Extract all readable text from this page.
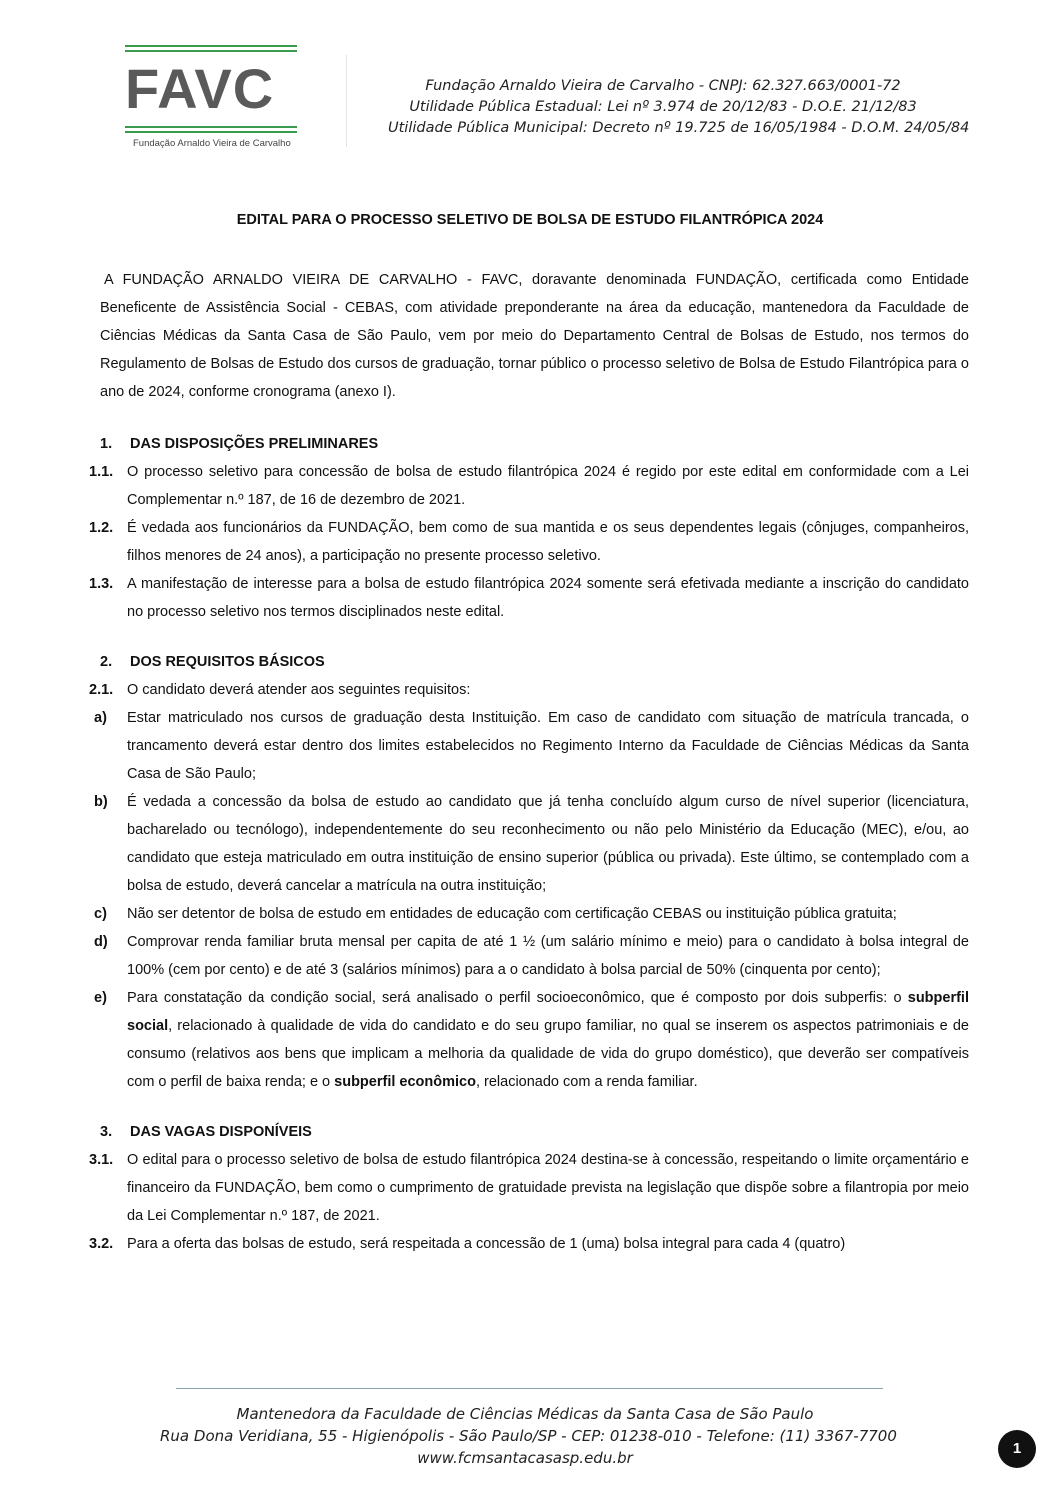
FAVC
Fundação Arnaldo Vieira de Carvalho
Fundação Arnaldo Vieira de Carvalho - CNPJ: 62.327.663/0001-72
Utilidade Pública Estadual: Lei nº 3.974 de 20/12/83 - D.O.E. 21/12/83
Utilidade Pública Municipal: Decreto nº 19.725 de 16/05/1984 - D.O.M. 24/05/84
EDITAL PARA O PROCESSO SELETIVO DE BOLSA DE ESTUDO FILANTRÓPICA 2024

A FUNDAÇÃO ARNALDO VIEIRA DE CARVALHO - FAVC, doravante denominada FUNDAÇÃO, certificada como Entidade Beneficente de Assistência Social - CEBAS, com atividade preponderante na área da educação, mantenedora da Faculdade de Ciências Médicas da Santa Casa de São Paulo, vem por meio do Departamento Central de Bolsas de Estudo, nos termos do Regulamento de Bolsas de Estudo dos cursos de graduação, tornar público o processo seletivo de Bolsa de Estudo Filantrópica para o ano de 2024, conforme cronograma (anexo I).

1.	DAS DISPOSIÇÕES PRELIMINARES

1.1. O processo seletivo para concessão de bolsa de estudo filantrópica 2024 é regido por este edital em conformidade com a Lei Complementar n.º 187, de 16 de dezembro de 2021.

1.2. É vedada aos funcionários da FUNDAÇÃO, bem como de sua mantida e os seus dependentes legais (cônjuges, companheiros, filhos menores de 24 anos), a participação no presente processo seletivo.

1.3. A manifestação de interesse para a bolsa de estudo filantrópica 2024 somente será efetivada mediante a inscrição do candidato no processo seletivo nos termos disciplinados neste edital.

2.	DOS REQUISITOS BÁSICOS

2.1. O candidato deverá atender aos seguintes requisitos:

a) Estar matriculado nos cursos de graduação desta Instituição. Em caso de candidato com situação de matrícula trancada, o trancamento deverá estar dentro dos limites estabelecidos no Regimento Interno da Faculdade de Ciências Médicas da Santa Casa de São Paulo;

b) É vedada a concessão da bolsa de estudo ao candidato que já tenha concluído algum curso de nível superior (licenciatura, bacharelado ou tecnólogo), independentemente do seu reconhecimento ou não pelo Ministério da Educação (MEC), e/ou, ao candidato que esteja matriculado em outra instituição de ensino superior (pública ou privada). Este último, se contemplado com a bolsa de estudo, deverá cancelar a matrícula na outra instituição;

c) Não ser detentor de bolsa de estudo em entidades de educação com certificação CEBAS ou instituição pública gratuita;

d) Comprovar renda familiar bruta mensal per capita de até 1 ½ (um salário mínimo e meio) para o candidato à bolsa integral de 100% (cem por cento) e de até 3 (salários mínimos) para a o candidato à bolsa parcial de 50% (cinquenta por cento);

e) Para constatação da condição social, será analisado o perfil socioeconômico, que é composto por dois subperfis: o subperfil social, relacionado à qualidade de vida do candidato e do seu grupo familiar, no qual se inserem os aspectos patrimoniais e de consumo (relativos aos bens que implicam a melhoria da qualidade de vida do grupo doméstico), que deverão ser compatíveis com o perfil de baixa renda; e o subperfil econômico, relacionado com a renda familiar.

3.	DAS VAGAS DISPONÍVEIS

3.1. O edital para o processo seletivo de bolsa de estudo filantrópica 2024 destina-se à concessão, respeitando o limite orçamentário e financeiro da FUNDAÇÃO, bem como o cumprimento de gratuidade prevista na legislação que dispõe sobre a filantropia por meio da Lei Complementar n.º 187, de 2021.

3.2. Para a oferta das bolsas de estudo, será respeitada a concessão de 1 (uma) bolsa integral para cada 4 (quatro)

Mantenedora da Faculdade de Ciências Médicas da Santa Casa de São Paulo
Rua Dona Veridiana, 55 - Higienópolis - São Paulo/SP - CEP: 01238-010 - Telefone: (11) 3367-7700
www.fcmsantacasasp.edu.br
1
